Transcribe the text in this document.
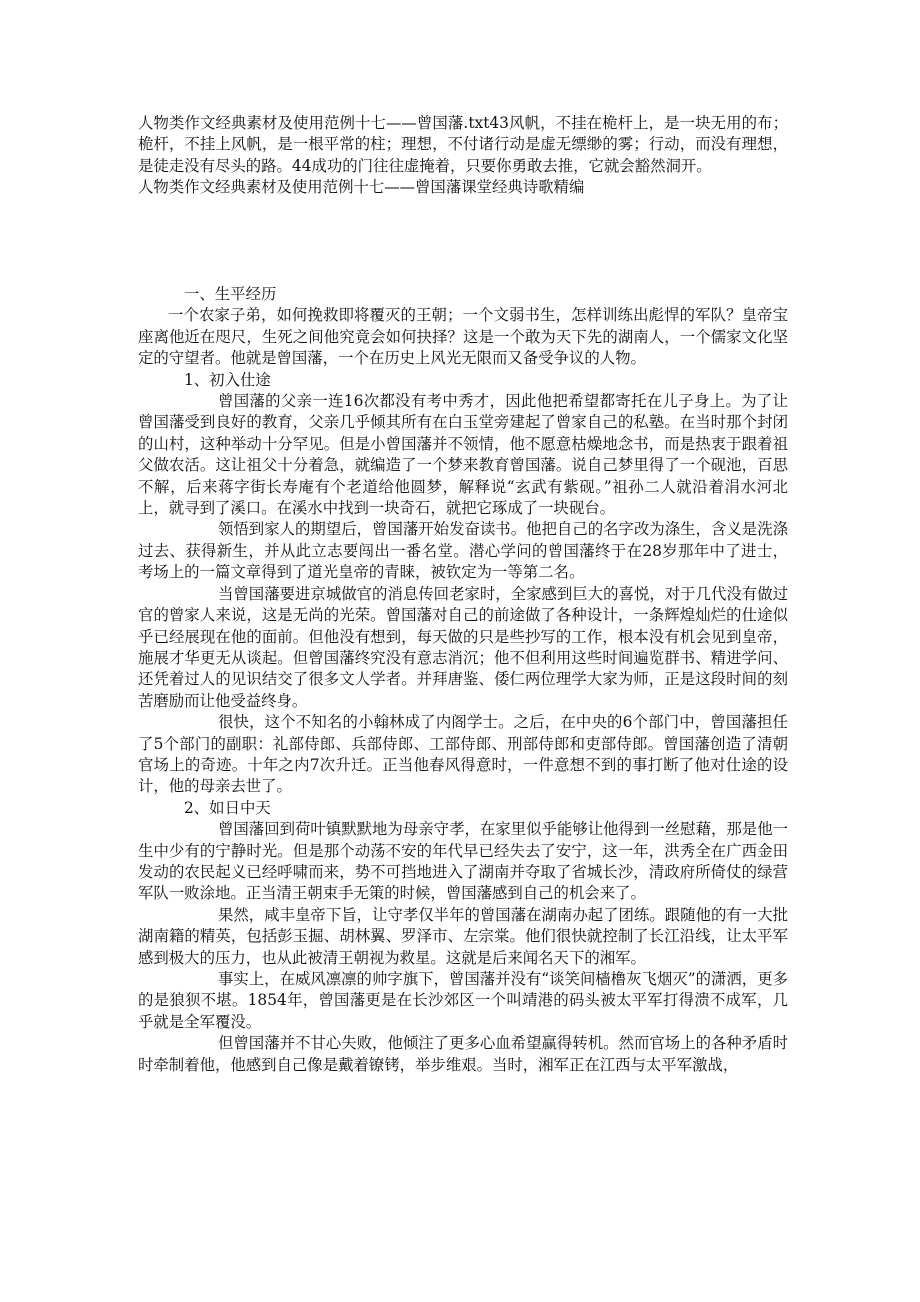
人物类作文经典素材及使用范例十七——曾国藩.txt43风帆，不挂在桅杆上，是一块无用的布；桅杆，不挂上风帆，是一根平常的柱；理想，不付诸行动是虚无缥缈的雾；行动，而没有理想，是徒走没有尽头的路。44成功的门往往虚掩着，只要你勇敢去推，它就会豁然洞开。

人物类作文经典素材及使用范例十七——曾国藩课堂经典诗歌精编

一、生平经历

一个农家子弟，如何挽救即将覆灭的王朝；一个文弱书生，怎样训练出彪悍的军队？皇帝宝座离他近在咫尺，生死之间他究竟会如何抉择？这是一个敢为天下先的湖南人，一个儒家文化坚定的守望者。他就是曾国藩，一个在历史上风光无限而又备受争议的人物。

1、初入仕途

曾国藩的父亲一连16次都没有考中秀才，因此他把希望都寄托在儿子身上。为了让曾国藩受到良好的教育，父亲几乎倾其所有在白玉堂旁建起了曾家自己的私塾。在当时那个封闭的山村，这种举动十分罕见。但是小曾国藩并不领情，他不愿意枯燥地念书，而是热衷于跟着祖父做农活。这让祖父十分着急，就编造了一个梦来教育曾国藩。说自己梦里得了一个砚池，百思不解，后来蒋字街长寿庵有个老道给他圆梦，解释说“玄武有紫砚。”祖孙二人就沿着涓水河北上，就寻到了溪口。在溪水中找到一块奇石，就把它琢成了一块砚台。

领悟到家人的期望后，曾国藩开始发奋读书。他把自己的名字改为涤生，含义是洗涤过去、获得新生，并从此立志要闯出一番名堂。潜心学问的曾国藩终于在28岁那年中了进士，考场上的一篇文章得到了道光皇帝的青睐，被钦定为一等第二名。

当曾国藩要进京城做官的消息传回老家时，全家感到巨大的喜悦，对于几代没有做过官的曾家人来说，这是无尚的光荣。曾国藩对自己的前途做了各种设计，一条辉煌灿烂的仕途似乎已经展现在他的面前。但他没有想到，每天做的只是些抄写的工作，根本没有机会见到皇帝，施展才华更无从谈起。但曾国藩终究没有意志消沉；他不但利用这些时间遍览群书、精进学问、还凭着过人的见识结交了很多文人学者。并拜唐鉴、倭仁两位理学大家为师，正是这段时间的刻苦磨励而让他受益终身。

很快，这个不知名的小翰林成了内阁学士。之后，在中央的6个部门中，曾国藩担任了5个部门的副职：礼部侍郎、兵部侍郎、工部侍郎、刑部侍郎和吏部侍郎。曾国藩创造了清朝官场上的奇迹。十年之内7次升迁。正当他春风得意时，一件意想不到的事打断了他对仕途的设计，他的母亲去世了。

2、如日中天

曾国藩回到荷叶镇默默地为母亲守孝，在家里似乎能够让他得到一丝慰藉，那是他一生中少有的宁静时光。但是那个动荡不安的年代早已经失去了安宁，这一年，洪秀全在广西金田发动的农民起义已经呼啸而来，势不可挡地进入了湖南并夺取了省城长沙，清政府所倚仗的绿营军队一败涂地。正当清王朝束手无策的时候，曾国藩感到自己的机会来了。

果然，咸丰皇帝下旨，让守孝仅半年的曾国藩在湖南办起了团练。跟随他的有一大批湖南籍的精英，包括彭玉掘、胡林翼、罗泽市、左宗棠。他们很快就控制了长江沿线，让太平军感到极大的压力，也从此被清王朝视为救星。这就是后来闻名天下的湘军。

事实上，在威风凛凛的帅字旗下，曾国藩并没有“谈笑间樯橹灰飞烟灭”的潇洒，更多的是狼狈不堪。1854年，曾国藩更是在长沙郊区一个叫靖港的码头被太平军打得溃不成军，几乎就是全军覆没。

但曾国藩并不甘心失败，他倾注了更多心血希望赢得转机。然而官场上的各种矛盾时时牵制着他，他感到自己像是戴着镣铐，举步维艰。当时，湘军正在江西与太平军激战，
